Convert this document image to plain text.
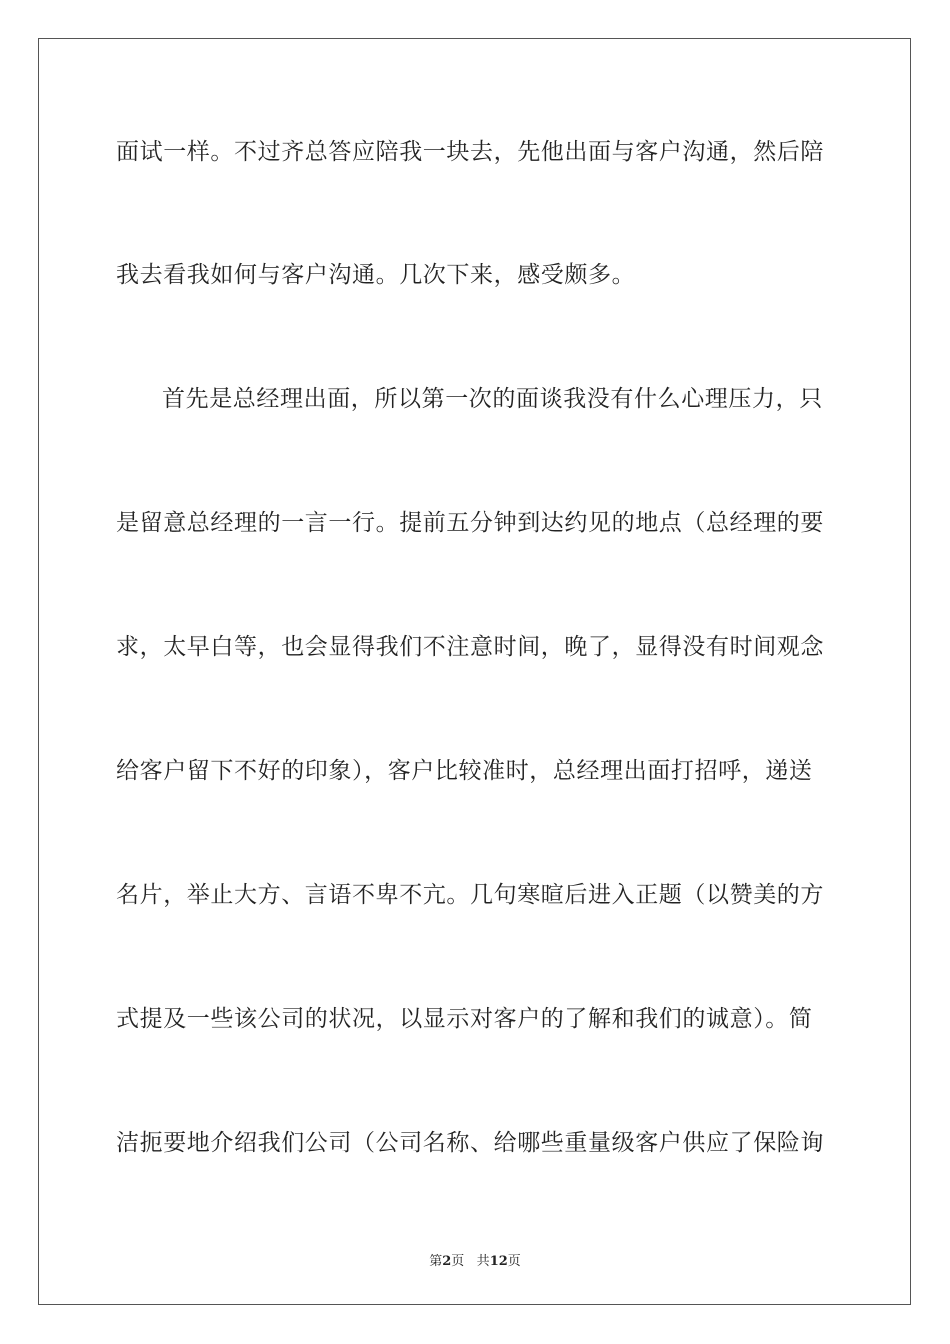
面试一样。不过齐总答应陪我一块去，先他出面与客户沟通，然后陪
我去看我如何与客户沟通。几次下来，感受颇多。
首先是总经理出面，所以第一次的面谈我没有什么心理压力，只
是留意总经理的一言一行。提前五分钟到达约见的地点（总经理的要
求，太早白等，也会显得我们不注意时间，晚了，显得没有时间观念
给客户留下不好的印象），客户比较准时，总经理出面打招呼，递送
名片，举止大方、言语不卑不亢。几句寒暄后进入正题（以赞美的方
式提及一些该公司的状况，以显示对客户的了解和我们的诚意）。简
洁扼要地介绍我们公司（公司名称、给哪些重量级客户供应了保险询
第2页 共12页
